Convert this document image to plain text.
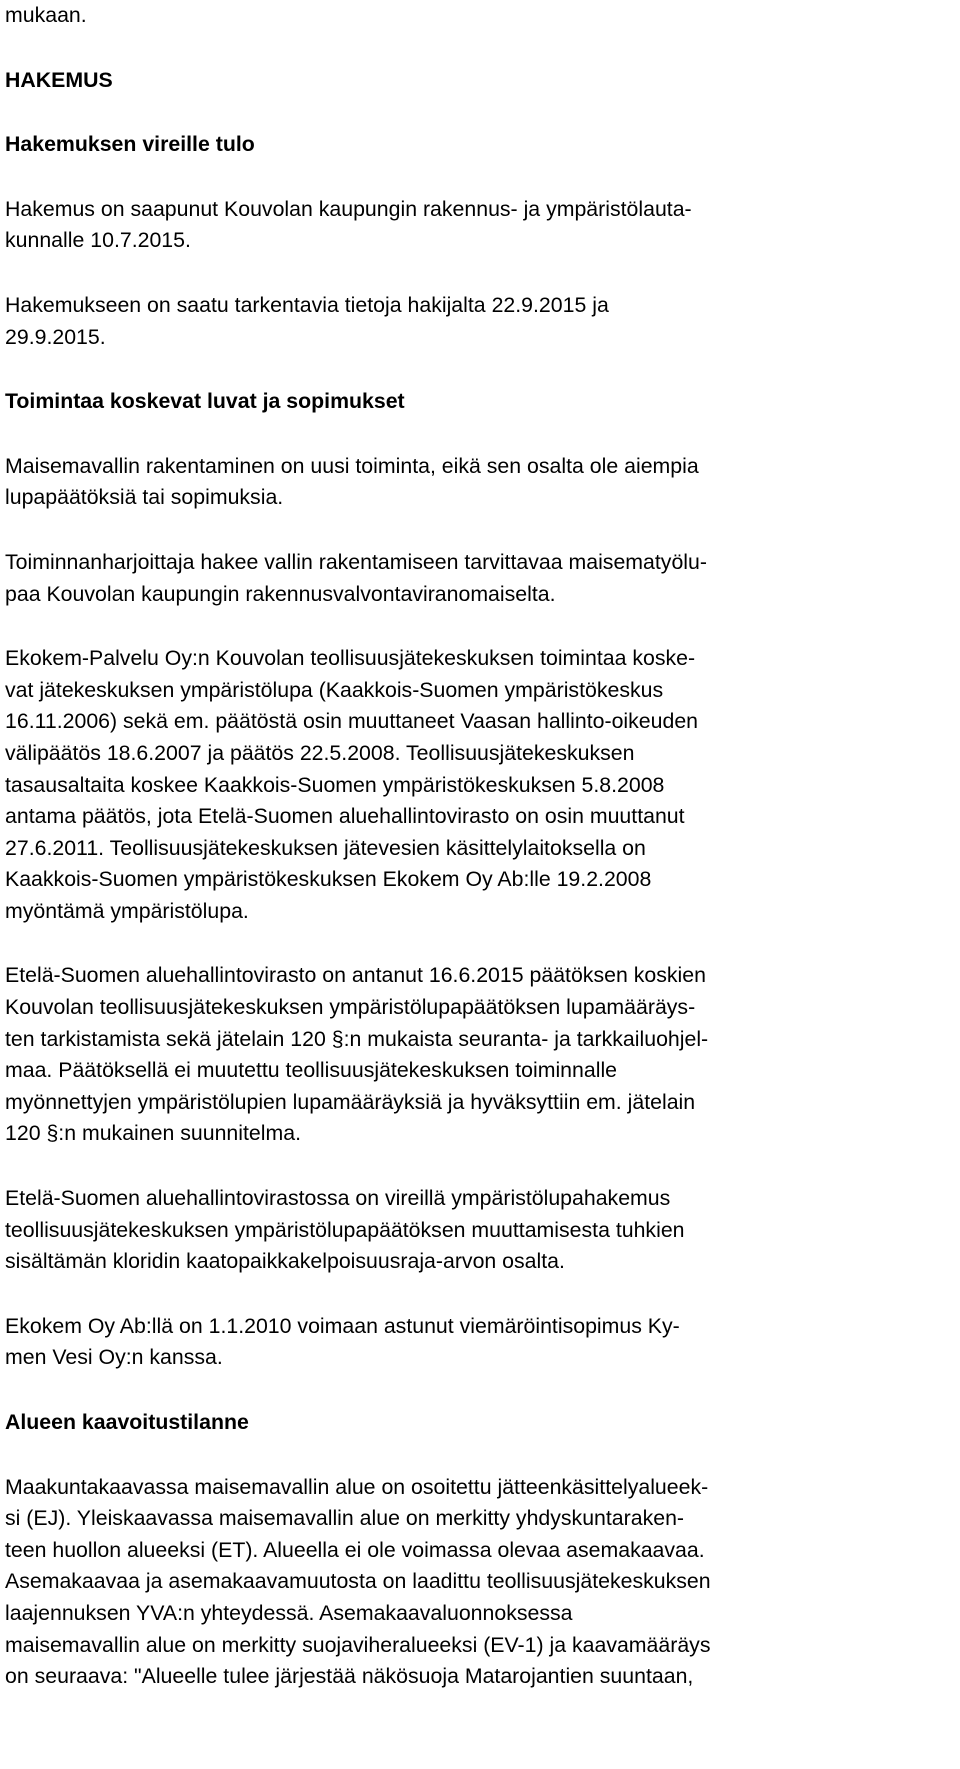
mukaan.
HAKEMUS
Hakemuksen vireille tulo
Hakemus on saapunut Kouvolan kaupungin rakennus- ja ympäristölauta-
kunnalle 10.7.2015.
Hakemukseen on saatu tarkentavia tietoja hakijalta 22.9.2015 ja
29.9.2015.
Toimintaa koskevat luvat ja sopimukset
Maisemavallin rakentaminen on uusi toiminta, eikä sen osalta ole aiempia
lupapäätöksiä tai sopimuksia.
Toiminnanharjoittaja hakee vallin rakentamiseen tarvittavaa maisematyölu-
paa Kouvolan kaupungin rakennusvalvontaviranomaiselta.
Ekokem-Palvelu Oy:n Kouvolan teollisuusjätekeskuksen toimintaa koske-
vat jätekeskuksen ympäristölupa (Kaakkois-Suomen ympäristökeskus
16.11.2006) sekä em. päätöstä osin muuttaneet Vaasan hallinto-oikeuden
välipäätös 18.6.2007 ja päätös 22.5.2008. Teollisuusjätekeskuksen
tasausaltaita koskee Kaakkois-Suomen ympäristökeskuksen 5.8.2008
antama päätös, jota Etelä-Suomen aluehallintovirasto on osin muuttanut
27.6.2011. Teollisuusjätekeskuksen jätevesien käsittelylaitoksella on
Kaakkois-Suomen ympäristökeskuksen Ekokem Oy Ab:lle 19.2.2008
myöntämä ympäristölupa.
Etelä-Suomen aluehallintovirasto on antanut 16.6.2015 päätöksen koskien
Kouvolan teollisuusjätekeskuksen ympäristölupapäätöksen lupamääräys-
ten tarkistamista sekä jätelain 120 §:n mukaista seuranta- ja tarkkailuohjel-
maa. Päätöksellä ei muutettu teollisuusjätekeskuksen toiminnalle
myönnettyjen ympäristölupien lupamääräyksiä ja hyväksyttiin em. jätelain
120 §:n mukainen suunnitelma.
Etelä-Suomen aluehallintovirastossa on vireillä ympäristölupahakemus
teollisuusjätekeskuksen ympäristölupapäätöksen muuttamisesta tuhkien
sisältämän kloridin kaatopaikkakelpoisuusraja-arvon osalta.
Ekokem Oy Ab:llä on 1.1.2010 voimaan astunut viemäröintisopimus Ky-
men Vesi Oy:n kanssa.
Alueen kaavoitustilanne
Maakuntakaavassa maisemavallin alue on osoitettu jätteenkäsittelyalueek-
si (EJ). Yleiskaavassa maisemavallin alue on merkitty yhdyskuntaraken-
teen huollon alueeksi (ET). Alueella ei ole voimassa olevaa asemakaavaa.
Asemakaavaa ja asemakaavamuutosta on laadittu teollisuusjätekeskuksen
laajennuksen YVA:n yhteydessä. Asemakaavaluonnoksessa
maisemavallin alue on merkitty suojaviheralueeksi (EV-1) ja kaavamääräys
on seuraava: "Alueelle tulee järjestää näkösuoja Matarojantien suuntaan,
